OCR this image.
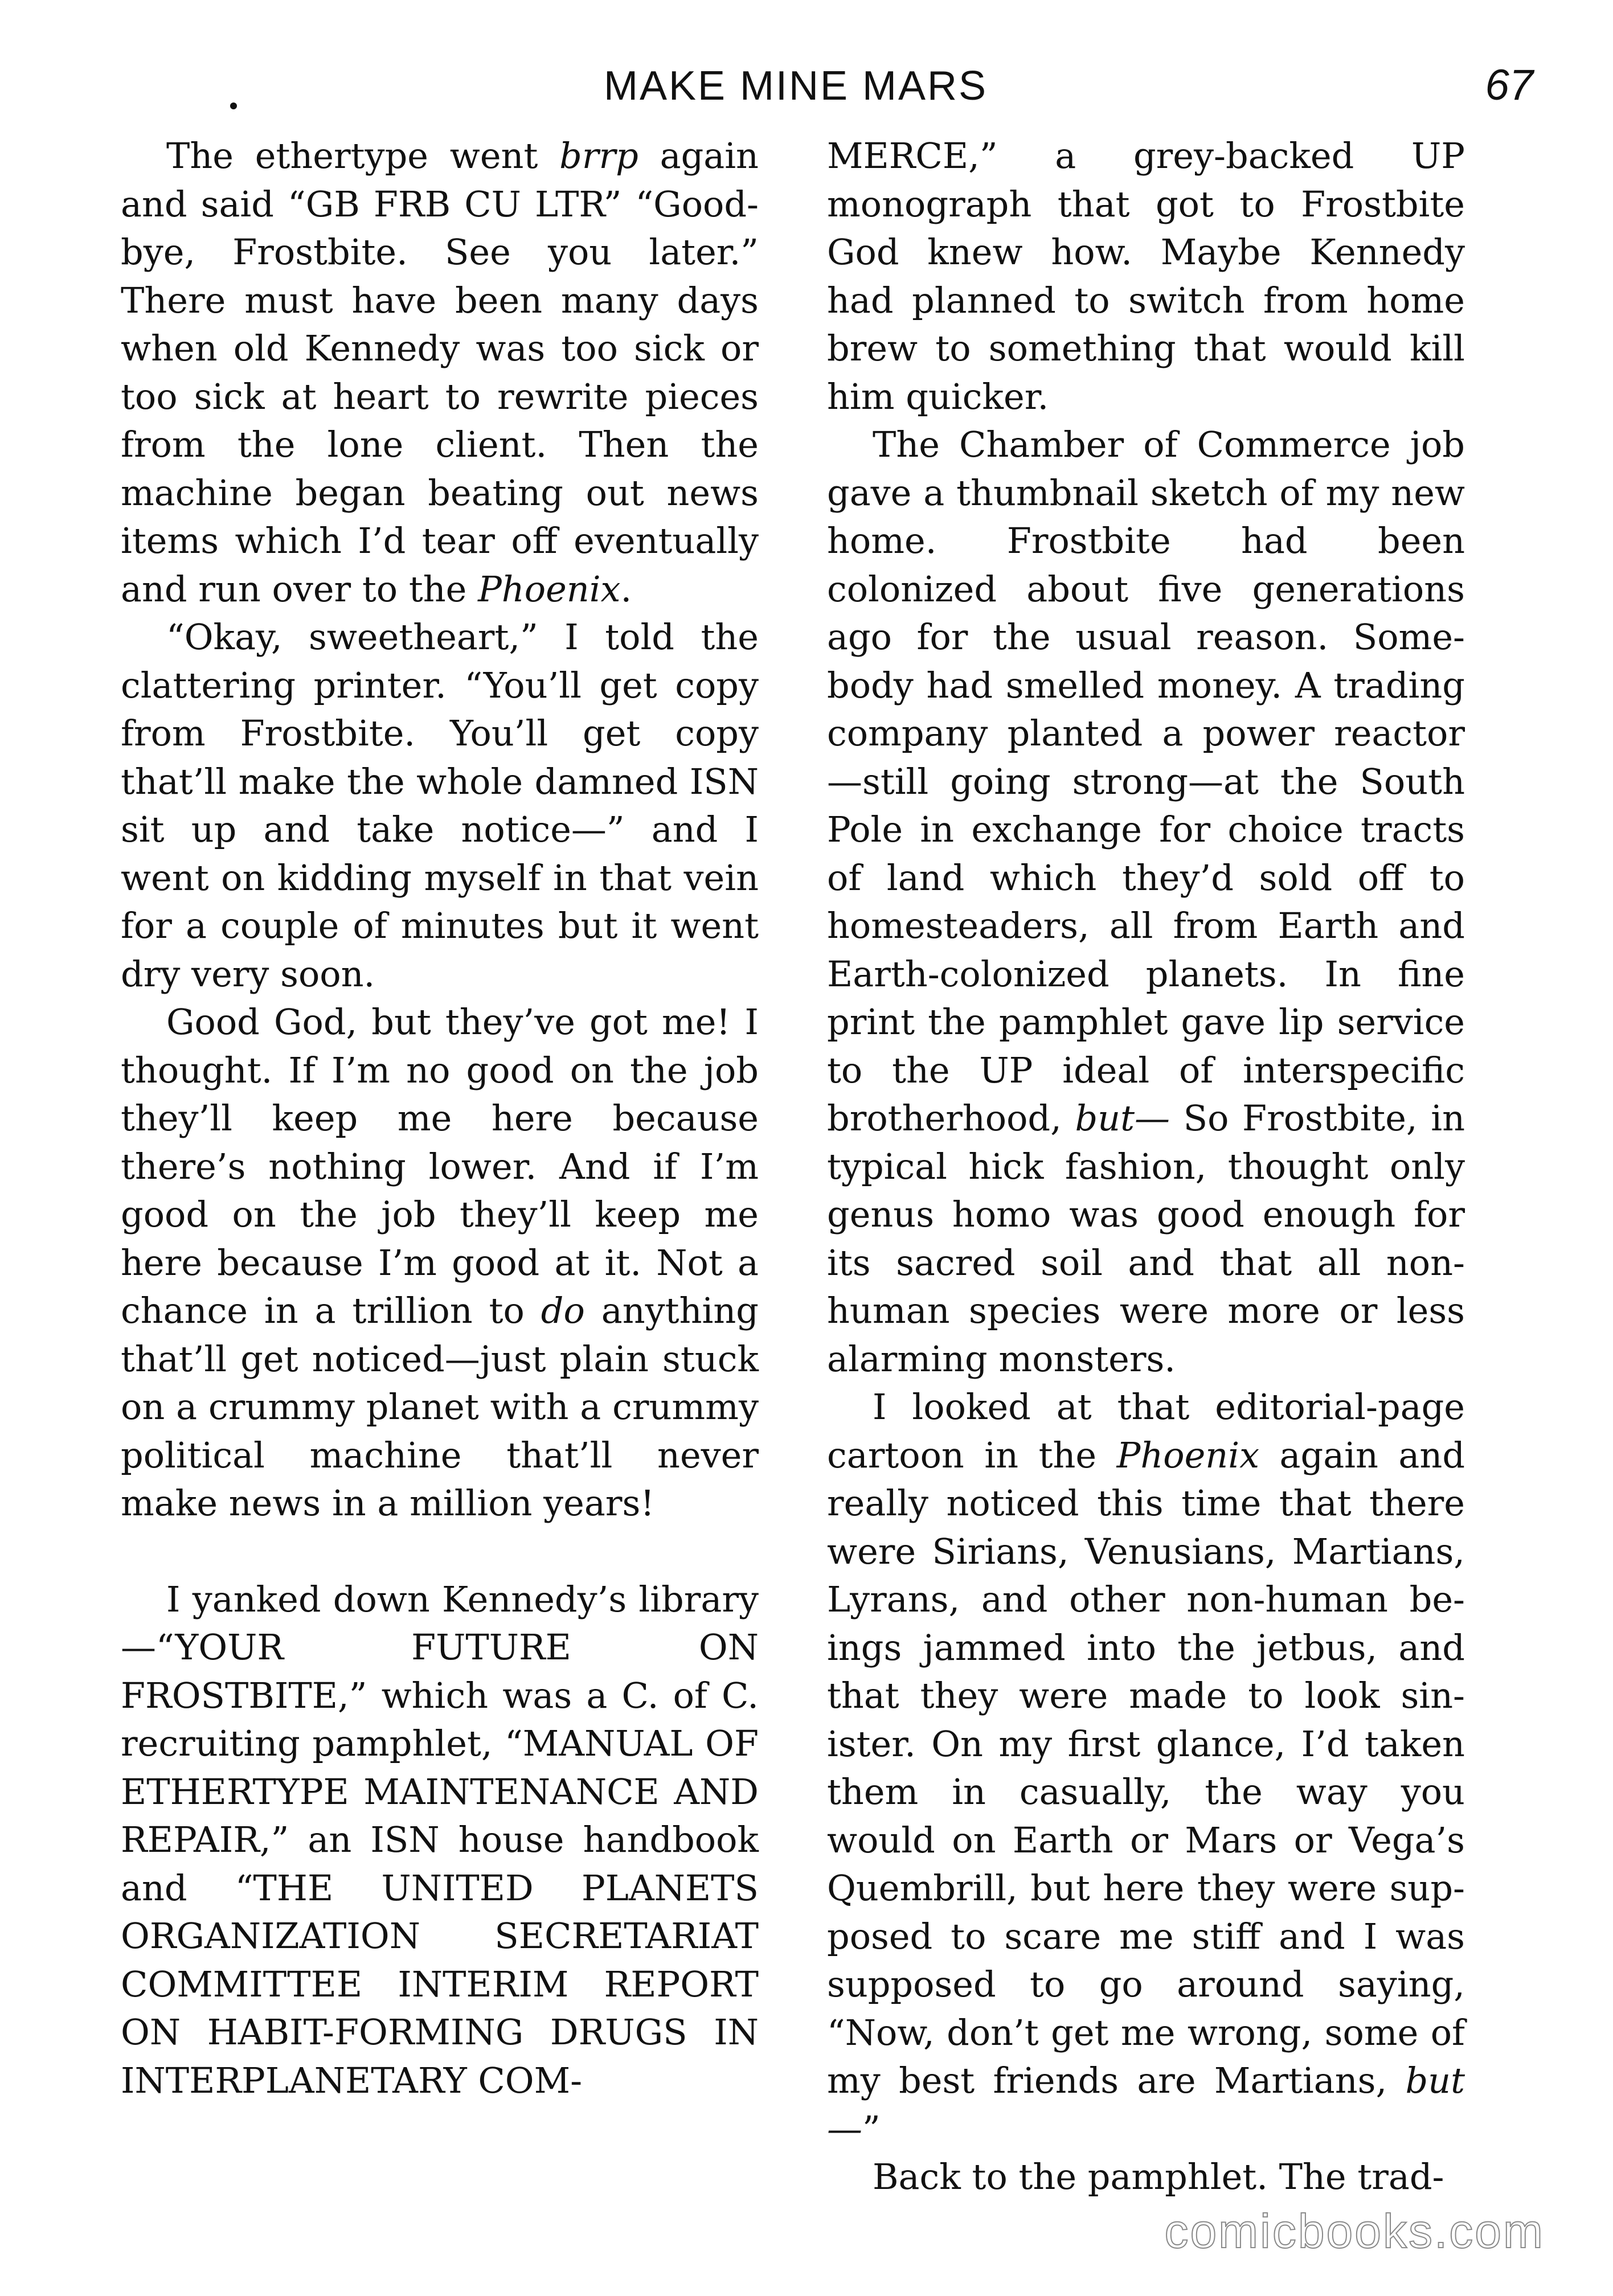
MAKE MINE MARS	67

The ethertype went brrp again and said “GB FRB CU LTR” “Good-bye, Frostbite. See you later.” There must have been many days when old Kennedy was too sick or too sick at heart to rewrite pieces from the lone client. Then the machine began beating out news items which I’d tear off eventually and run over to the Phoenix.

“Okay, sweetheart,” I told the clattering printer. “You’ll get copy from Frostbite. You’ll get copy that’ll make the whole damned ISN sit up and take notice—” and I went on kidding myself in that vein for a couple of minutes but it went dry very soon.

Good God, but they’ve got me! I thought. If I’m no good on the job they’ll keep me here because there’s nothing lower. And if I’m good on the job they’ll keep me here because I’m good at it. Not a chance in a trillion to do anything that’ll get noticed—just plain stuck on a crummy planet with a crummy political machine that’ll never make news in a million years!

I yanked down Kennedy’s library—“YOUR FUTURE ON FROSTBITE,” which was a C. of C. recruiting pamphlet, “MANUAL OF ETHERTYPE MAINTENANCE AND REPAIR,” an ISN house handbook and “THE UNITED PLANETS ORGANIZATION SECRETARIAT COMMITTEE INTERIM REPORT ON HABIT-FORMING DRUGS IN INTERPLANETARY COM-

MERCE,” a grey-backed UP monograph that got to Frostbite God knew how. Maybe Kennedy had planned to switch from home brew to something that would kill him quicker.

The Chamber of Commerce job gave a thumbnail sketch of my new home. Frostbite had been colonized about five generations ago for the usual reason. Somebody had smelled money. A trading company planted a power reactor—still going strong—at the South Pole in exchange for choice tracts of land which they’d sold off to homesteaders, all from Earth and Earth-colonized planets. In fine print the pamphlet gave lip service to the UP ideal of interspecific brotherhood, but— So Frostbite, in typical hick fashion, thought only genus homo was good enough for its sacred soil and that all non-human species were more or less alarming monsters.

I looked at that editorial-page cartoon in the Phoenix again and really noticed this time that there were Sirians, Venusians, Martians, Lyrans, and other non-human beings jammed into the jetbus, and that they were made to look sinister. On my first glance, I’d taken them in casually, the way you would on Earth or Mars or Vega’s Quembrill, but here they were supposed to scare me stiff and I was supposed to go around saying, “Now, don’t get me wrong, some of my best friends are Martians, but—”

Back to the pamphlet. The trad-

comicbooks.com
